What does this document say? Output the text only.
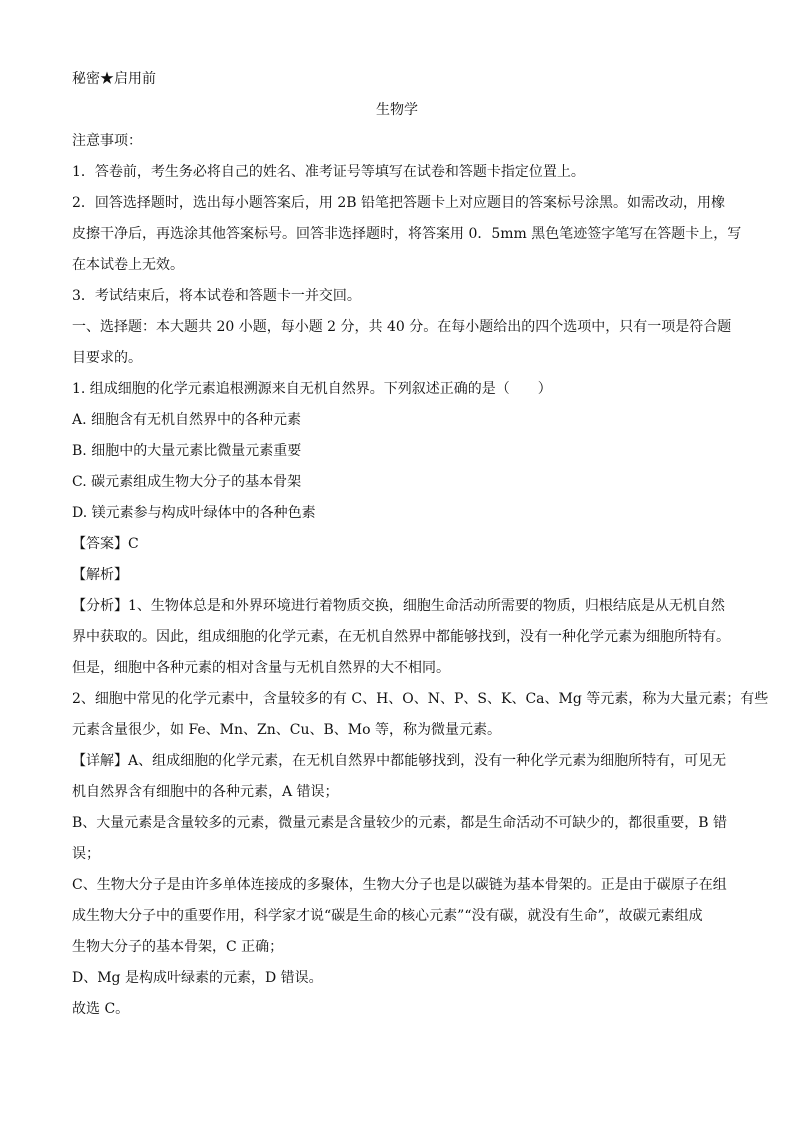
秘密★启用前
生物学
注意事项：
1．答卷前，考生务必将自己的姓名、准考证号等填写在试卷和答题卡指定位置上。
2．回答选择题时，选出每小题答案后，用 2B 铅笔把答题卡上对应题目的答案标号涂黑。如需改动，用橡
皮擦干净后，再选涂其他答案标号。回答非选择题时，将答案用 0．5mm 黑色笔迹签字笔写在答题卡上，写
在本试卷上无效。
3．考试结束后，将本试卷和答题卡一并交回。
一、选择题：本大题共 20 小题，每小题 2 分，共 40 分。在每小题给出的四个选项中，只有一项是符合题
目要求的。
1. 组成细胞的化学元素追根溯源来自无机自然界。下列叙述正确的是（　　）
A. 细胞含有无机自然界中的各种元素
B. 细胞中的大量元素比微量元素重要
C. 碳元素组成生物大分子的基本骨架
D. 镁元素参与构成叶绿体中的各种色素
【答案】C
【解析】
【分析】1、生物体总是和外界环境进行着物质交换，细胞生命活动所需要的物质，归根结底是从无机自然
界中获取的。因此，组成细胞的化学元素，在无机自然界中都能够找到，没有一种化学元素为细胞所特有。
但是，细胞中各种元素的相对含量与无机自然界的大不相同。
2、细胞中常见的化学元素中，含量较多的有 C、H、O、N、P、S、K、Ca、Mg 等元素，称为大量元素；有些
元素含量很少，如 Fe、Mn、Zn、Cu、B、Mo 等，称为微量元素。
【详解】A、组成细胞的化学元素，在无机自然界中都能够找到，没有一种化学元素为细胞所特有，可见无
机自然界含有细胞中的各种元素，A 错误；
B、大量元素是含量较多的元素，微量元素是含量较少的元素，都是生命活动不可缺少的，都很重要，B 错
误；
C、生物大分子是由许多单体连接成的多聚体，生物大分子也是以碳链为基本骨架的。正是由于碳原子在组
成生物大分子中的重要作用，科学家才说“碳是生命的核心元素”“没有碳，就没有生命”，故碳元素组成
生物大分子的基本骨架，C 正确；
D、Mg 是构成叶绿素的元素，D 错误。
故选 C。
